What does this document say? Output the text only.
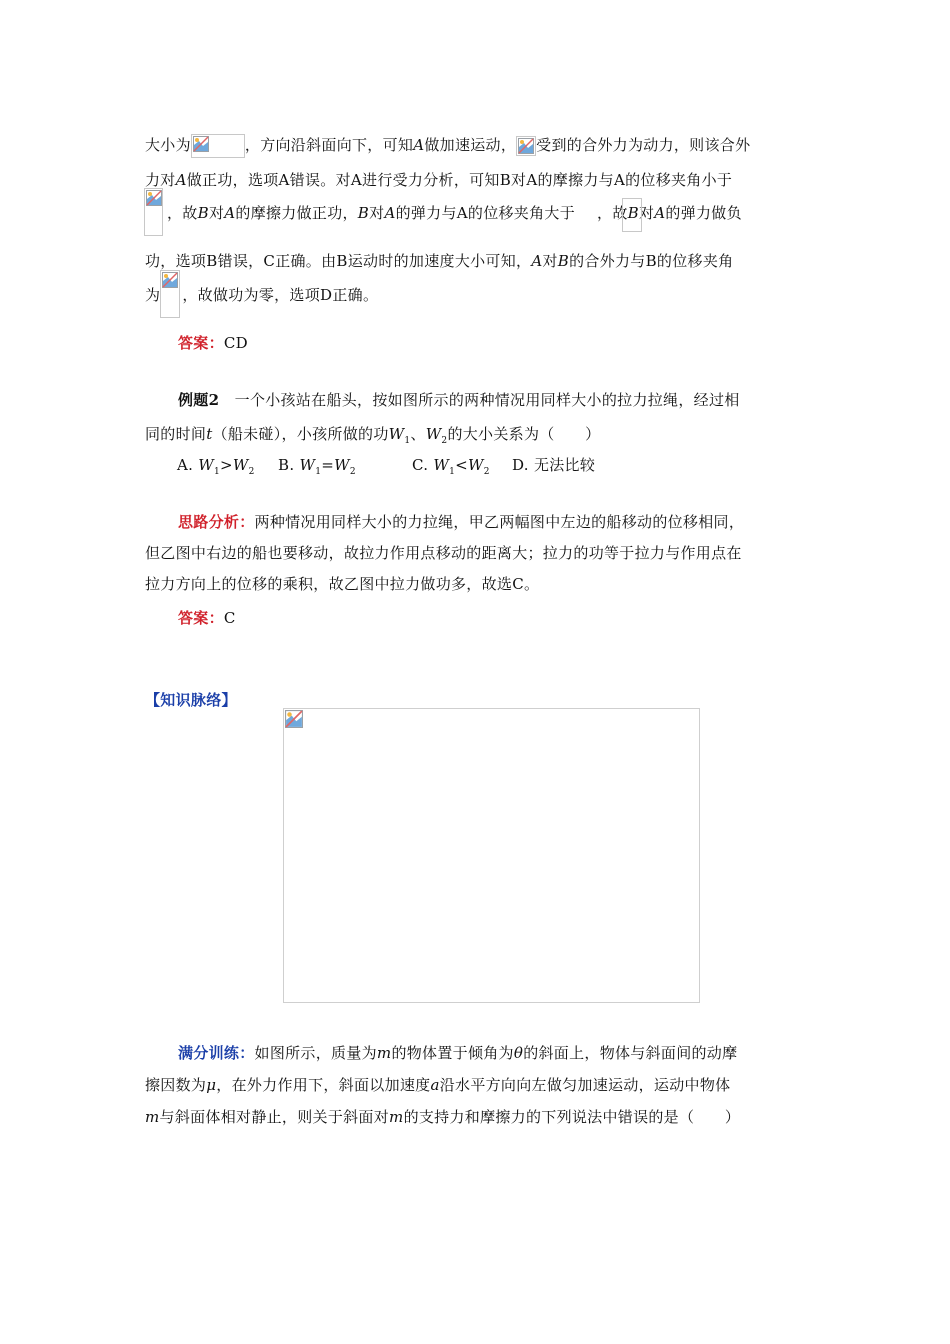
大小为	，方向沿斜面向下，可知A做加速运动， 受到的合外力为动力，则该合外
力对A做正功，选项A错误。对A进行受力分析，可知B对A的摩擦力与A的位移夹角小于
，故B对A的摩擦力做正功，B对A的弹力与A的位移夹角大于 ，故B对A的弹力做负
功，选项B错误，C正确。由B运动时的加速度大小可知，A对B的合外力与B的位移夹角
为 ，故做功为零，选项D正确。
答案：CD
例题2　一个小孩站在船头，按如图所示的两种情况用同样大小的拉力拉绳，经过相
同的时间t（船未碰），小孩所做的功$W_1$、$W_2$的大小关系为（　　）
A. $W_1>W_2$ B. $W_1=W_2$	C. $W_1<W_2$ D. 无法比较
思路分析：两种情况用同样大小的力拉绳，甲乙两幅图中左边的船移动的位移相同，
但乙图中右边的船也要移动，故拉力作用点移动的距离大；拉力的功等于拉力与作用点在
拉力方向上的位移的乘积，故乙图中拉力做功多，故选C。
答案：C
【知识脉络】
满分训练：如图所示，质量为m的物体置于倾角为θ的斜面上，物体与斜面间的动摩
擦因数为μ，在外力作用下，斜面以加速度a沿水平方向向左做匀加速运动，运动中物体
m与斜面体相对静止，则关于斜面对m的支持力和摩擦力的下列说法中错误的是（　　）
